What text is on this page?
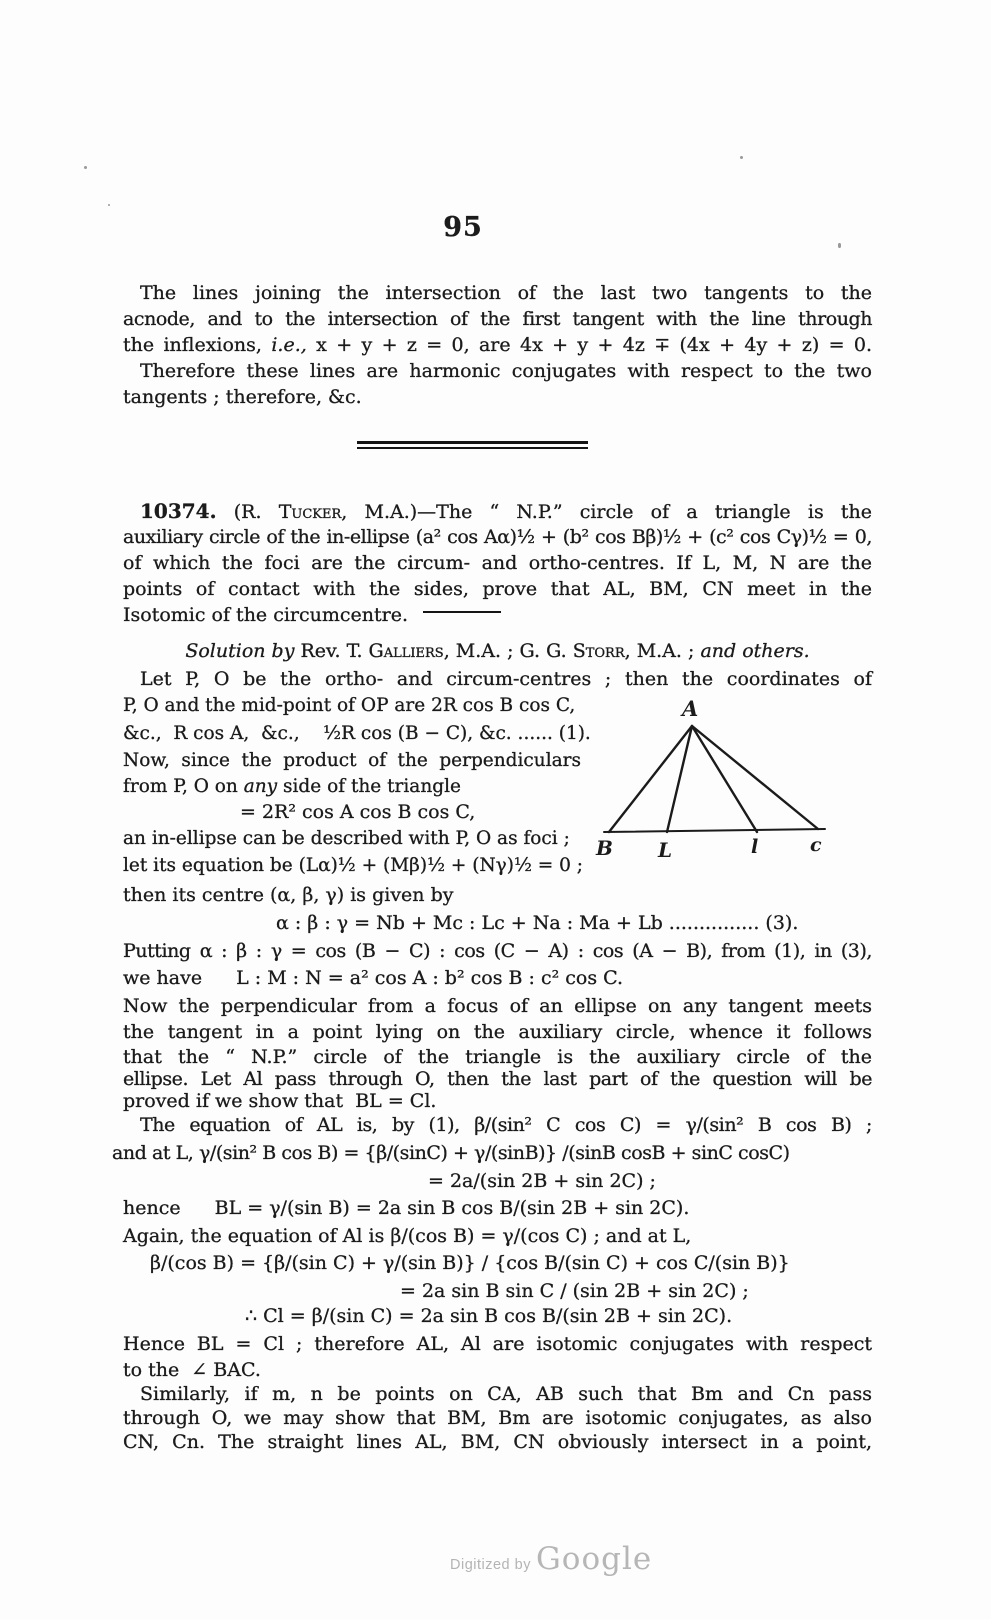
95
The lines joining the intersection of the last two tangents to the
acnode, and to the intersection of the first tangent with the line through
the inflexions, i.e., x + y + z = 0, are 4x + y + 4z ∓ (4x + 4y + z) = 0.
Therefore these lines are harmonic conjugates with respect to the two
tangents ; therefore, &c.
10374. (R. Tucker, M.A.)—The “ N.P.” circle of a triangle is the
auxiliary circle of the in-ellipse (a² cos Aα)½ + (b² cos Bβ)½ + (c² cos Cγ)½ = 0,
of which the foci are the circum- and ortho-centres. If L, M, N are the
points of contact with the sides, prove that AL, BM, CN meet in the
Isotomic of the circumcentre.
Solution by Rev. T. Galliers, M.A. ; G. G. Storr, M.A. ; and others.
Let P, O be the ortho- and circum-centres ; then the coordinates of
P, O and the mid-point of OP are 2R cos B cos C,
&c.,  R cos A,  &c.,    ½R cos (B − C), &c. ...... (1).
Now, since the product of the perpendiculars
from P, O on any side of the triangle
= 2R² cos A cos B cos C,
an in-ellipse can be described with P, O as foci ;
let its equation be (Lα)½ + (Mβ)½ + (Nγ)½ = 0 ;
then its centre (α, β, γ) is given by
α : β : γ = Nb + Mc : Lc + Na : Ma + Lb ............... (3).
Putting α : β : γ = cos (B − C) : cos (C − A) : cos (A − B), from (1), in (3),
we have L : M : N = a² cos A : b² cos B : c² cos C.
Now the perpendicular from a focus of an ellipse on any tangent meets
the tangent in a point lying on the auxiliary circle, whence it follows
that the “ N.P.” circle of the triangle is the auxiliary circle of the
ellipse. Let Al pass through O, then the last part of the question will be
proved if we show that  BL = Cl.
The equation of AL is, by (1), β/(sin² C cos C) = γ/(sin² B cos B) ;
and at L, γ/(sin² B cos B) = {β/(sinC) + γ/(sinB)} /(sinB cosB + sinC cosC)
= 2a/(sin 2B + sin 2C) ;
hence BL = γ/(sin B) = 2a sin B cos B/(sin 2B + sin 2C).
Again, the equation of Al is β/(cos B) = γ/(cos C) ; and at L,
β/(cos B) = {β/(sin C) + γ/(sin B)} / {cos B/(sin C) + cos C/(sin B)}
= 2a sin B sin C / (sin 2B + sin 2C) ;
∴ Cl = β/(sin C) = 2a sin B cos B/(sin 2B + sin 2C).
Hence BL = Cl ; therefore AL, Al are isotomic conjugates with respect
to the  ∠ BAC.
Similarly, if m, n be points on CA, AB such that Bm and Cn pass
through O, we may show that BM, Bm are isotomic conjugates, as also
CN, Cn. The straight lines AL, BM, CN obviously intersect in a point,
A
B L	l	c
Digitized by Google
